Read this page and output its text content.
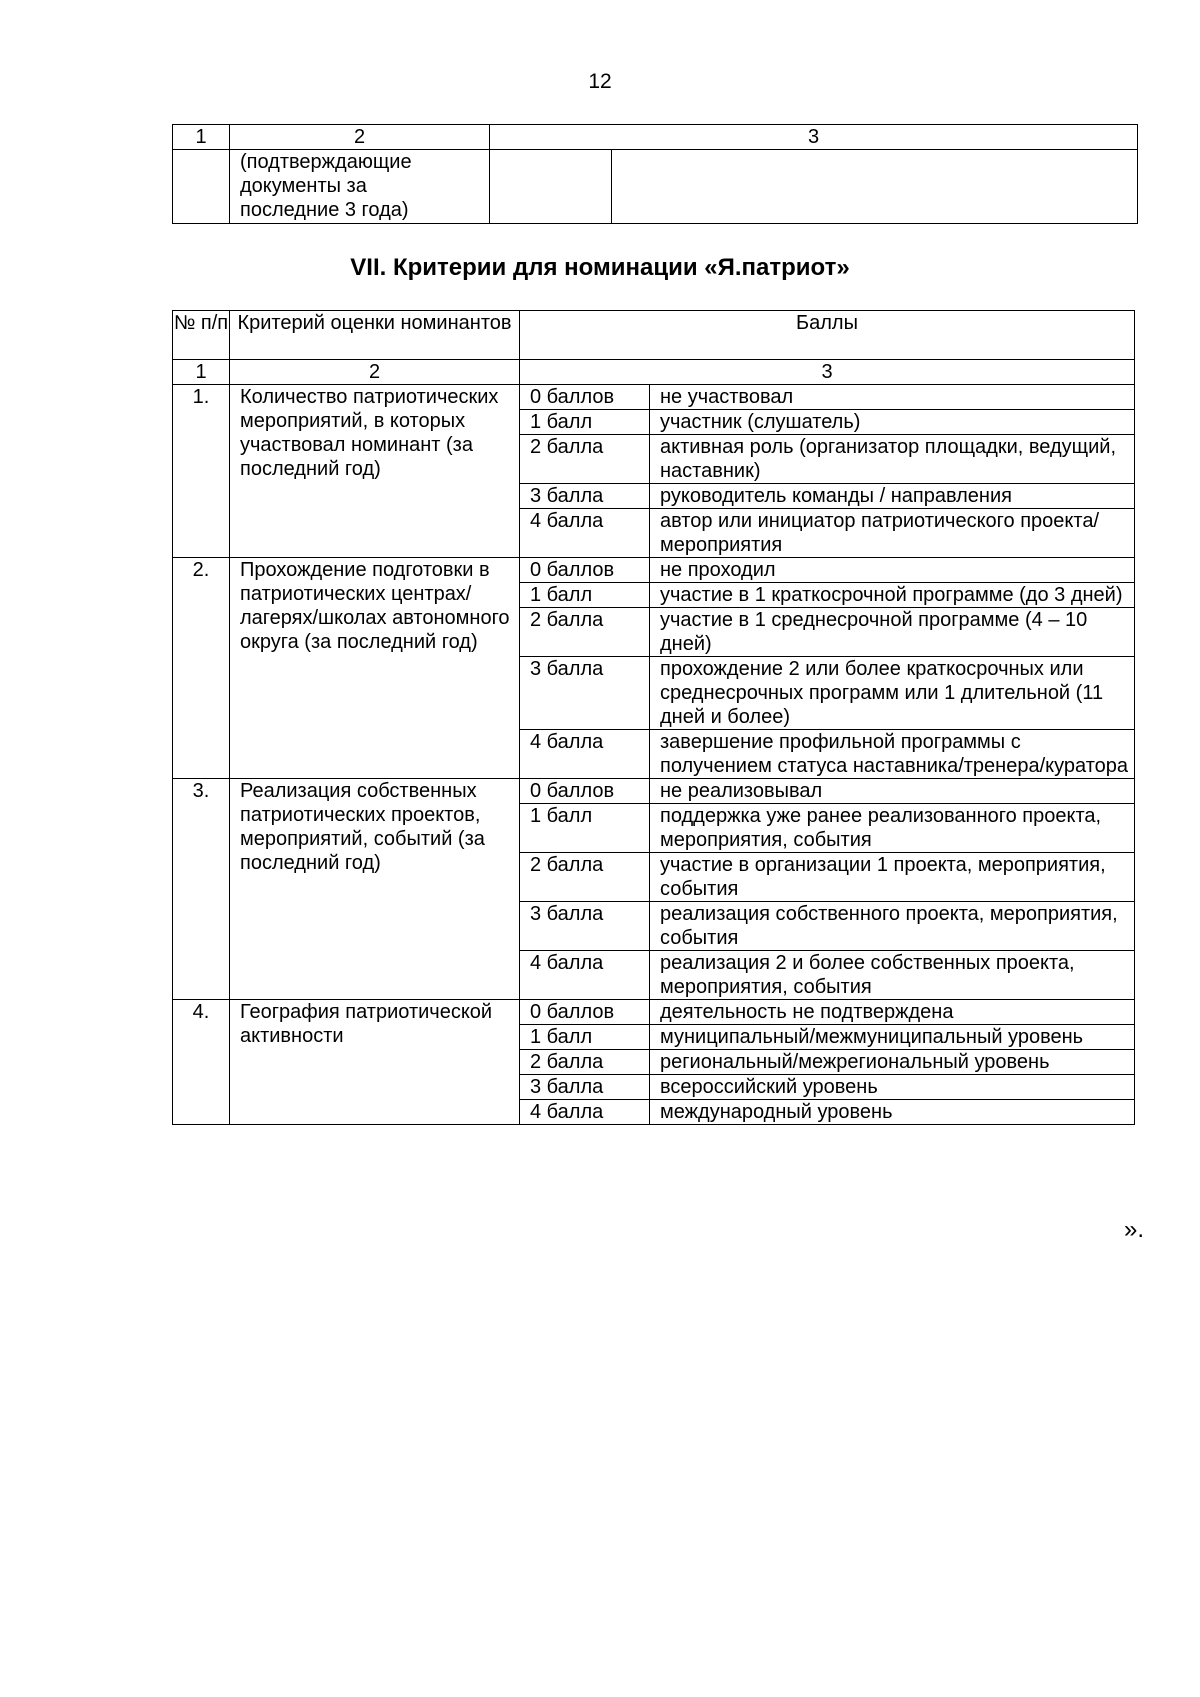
12
1	2	3	

	(подтверждающие
документы за
последние 3 года)		

VII. Критерии для номинации «Я.патриот»
№ п/п	Критерий оценки номинантов	Баллы	
1	2	3	
1.	Количество патриотических мероприятий, в которых участвовал номинант (за последний год)	0 баллов	не участвовал
		1 балл	участник (слушатель)
		2 балла	активная роль (организатор площадки, ведущий, наставник)
		3 балла	руководитель команды / направления
		4 балла	автор или инициатор патриотического проекта/мероприятия
2.	Прохождение подготовки в патриотических центрах/лагерях/школах автономного округа (за последний год)	0 баллов	не проходил
		1 балл	участие в 1 краткосрочной программе (до 3 дней)
		2 балла	участие в 1 среднесрочной программе (4 – 10 дней)
		3 балла	прохождение 2 или более краткосрочных или среднесрочных программ или 1 длительной (11 дней и более)
		4 балла	завершение профильной программы с получением статуса наставника/тренера/куратора
3.	Реализация собственных патриотических проектов, мероприятий, событий (за последний год)	0 баллов	не реализовывал
		1 балл	поддержка уже ранее реализованного проекта, мероприятия, события
		2 балла	участие в организации 1 проекта, мероприятия, события
		3 балла	реализация собственного проекта, мероприятия, события
		4 балла	реализация 2 и более собственных проекта, мероприятия, события
4.	География патриотической активности	0 баллов	деятельность не подтверждена
		1 балл	муниципальный/межмуниципальный уровень
		2 балла	региональный/межрегиональный уровень
		3 балла	всероссийский уровень
		4 балла	международный уровень
».
